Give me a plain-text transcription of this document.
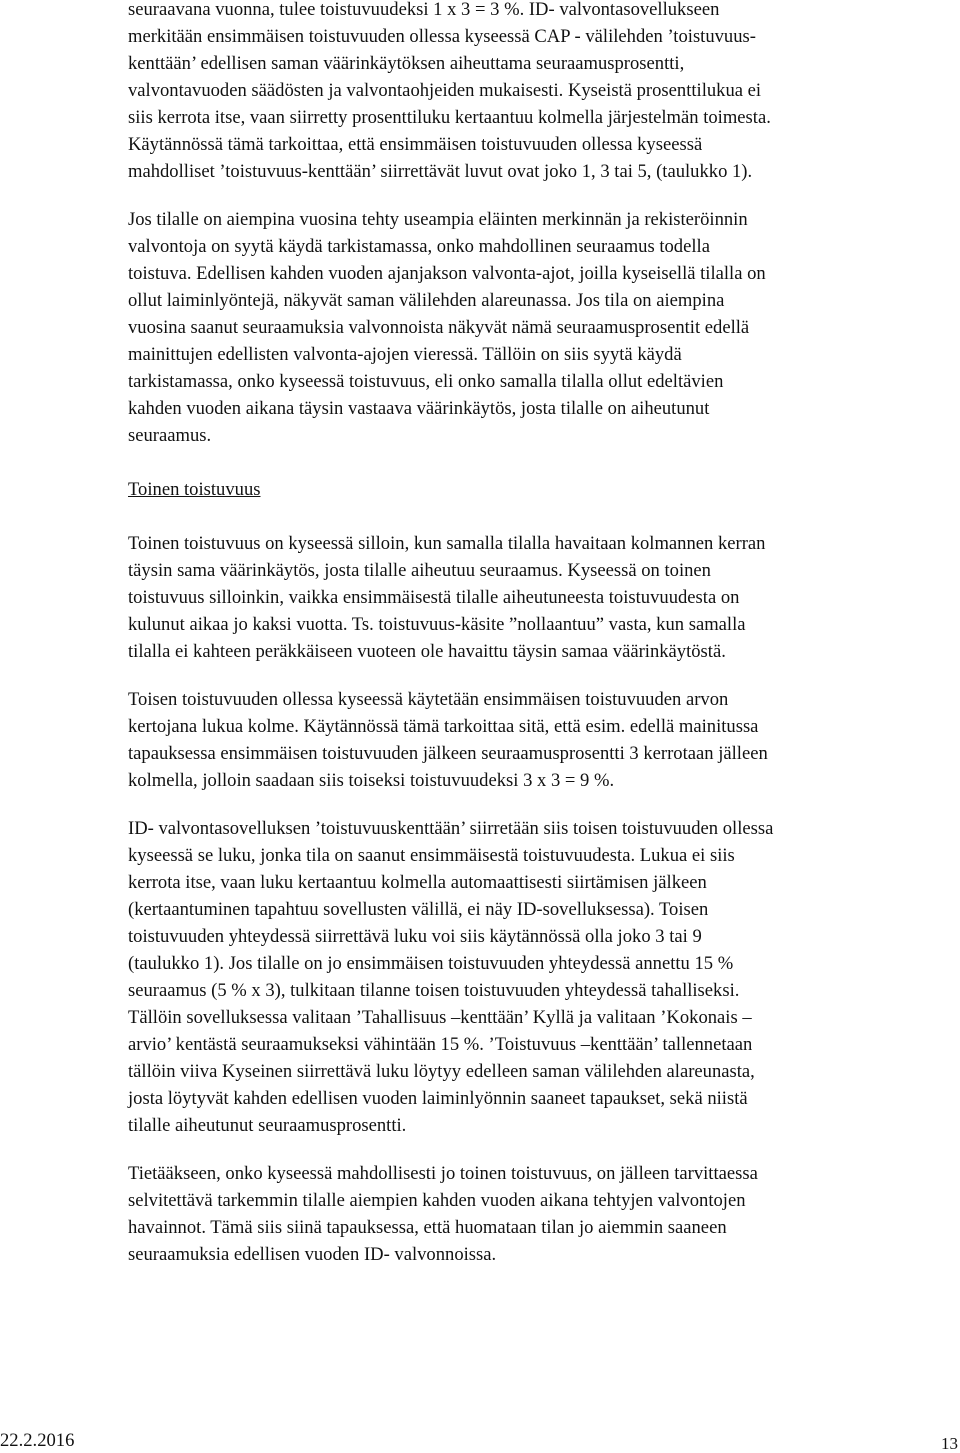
seuraavana vuonna, tulee toistuvuudeksi 1 x 3 = 3 %. ID- valvontasovellukseen
merkitään ensimmäisen toistuvuuden ollessa kyseessä CAP - välilehden ’toistuvuus-
kenttään’ edellisen saman väärinkäytöksen aiheuttama seuraamusprosentti,
valvontavuoden säädösten ja valvontaohjeiden mukaisesti. Kyseistä prosenttilukua ei
siis kerrota itse, vaan siirretty prosenttiluku kertaantuu kolmella järjestelmän toimesta.
Käytännössä tämä tarkoittaa, että ensimmäisen toistuvuuden ollessa kyseessä
mahdolliset ’toistuvuus-kenttään’ siirrettävät luvut ovat joko 1, 3 tai 5, (taulukko 1).

Jos tilalle on aiempina vuosina tehty useampia eläinten merkinnän ja rekisteröinnin
valvontoja on syytä käydä tarkistamassa, onko mahdollinen seuraamus todella
toistuva. Edellisen kahden vuoden ajanjakson valvonta-ajot, joilla kyseisellä tilalla on
ollut laiminlyöntejä, näkyvät saman välilehden alareunassa. Jos tila on aiempina
vuosina saanut seuraamuksia valvonnoista näkyvät nämä seuraamusprosentit edellä
mainittujen edellisten valvonta-ajojen vieressä. Tällöin on siis syytä käydä
tarkistamassa, onko kyseessä toistuvuus, eli onko samalla tilalla ollut edeltävien
kahden vuoden aikana täysin vastaava väärinkäytös, josta tilalle on aiheutunut
seuraamus.

Toinen toistuvuus

Toinen toistuvuus on kyseessä silloin, kun samalla tilalla havaitaan kolmannen kerran
täysin sama väärinkäytös, josta tilalle aiheutuu seuraamus. Kyseessä on toinen
toistuvuus silloinkin, vaikka ensimmäisestä tilalle aiheutuneesta toistuvuudesta on
kulunut aikaa jo kaksi vuotta. Ts. toistuvuus-käsite ”nollaantuu” vasta, kun samalla
tilalla ei kahteen peräkkäiseen vuoteen ole havaittu täysin samaa väärinkäytöstä.

Toisen toistuvuuden ollessa kyseessä käytetään ensimmäisen toistuvuuden arvon
kertojana lukua kolme. Käytännössä tämä tarkoittaa sitä, että esim. edellä mainitussa
tapauksessa ensimmäisen toistuvuuden jälkeen seuraamusprosentti 3 kerrotaan jälleen
kolmella, jolloin saadaan siis toiseksi toistuvuudeksi 3 x 3 = 9 %.

ID- valvontasovelluksen ’toistuvuuskenttään’ siirretään siis toisen toistuvuuden ollessa
kyseessä se luku, jonka tila on saanut ensimmäisestä toistuvuudesta. Lukua ei siis
kerrota itse, vaan luku kertaantuu kolmella automaattisesti siirtämisen jälkeen
(kertaantuminen tapahtuu sovellusten välillä, ei näy ID-sovelluksessa). Toisen
toistuvuuden yhteydessä siirrettävä luku voi siis käytännössä olla joko 3 tai 9
(taulukko 1). Jos tilalle on jo ensimmäisen toistuvuuden yhteydessä annettu 15 %
seuraamus (5 % x 3), tulkitaan tilanne toisen toistuvuuden yhteydessä tahalliseksi.
Tällöin sovelluksessa valitaan ’Tahallisuus –kenttään’ Kyllä ja valitaan ’Kokonais –
arvio’ kentästä seuraamukseksi vähintään 15 %. ’Toistuvuus –kenttään’ tallennetaan
tällöin viiva Kyseinen siirrettävä luku löytyy edelleen saman välilehden alareunasta,
josta löytyvät kahden edellisen vuoden laiminlyönnin saaneet tapaukset, sekä niistä
tilalle aiheutunut seuraamusprosentti.

Tietääkseen, onko kyseessä mahdollisesti jo toinen toistuvuus, on jälleen tarvittaessa
selvitettävä tarkemmin tilalle aiempien kahden vuoden aikana tehtyjen valvontojen
havainnot. Tämä siis siinä tapauksessa, että huomataan tilan jo aiemmin saaneen
seuraamuksia edellisen vuoden ID- valvonnoissa.

22.2.2016	13
